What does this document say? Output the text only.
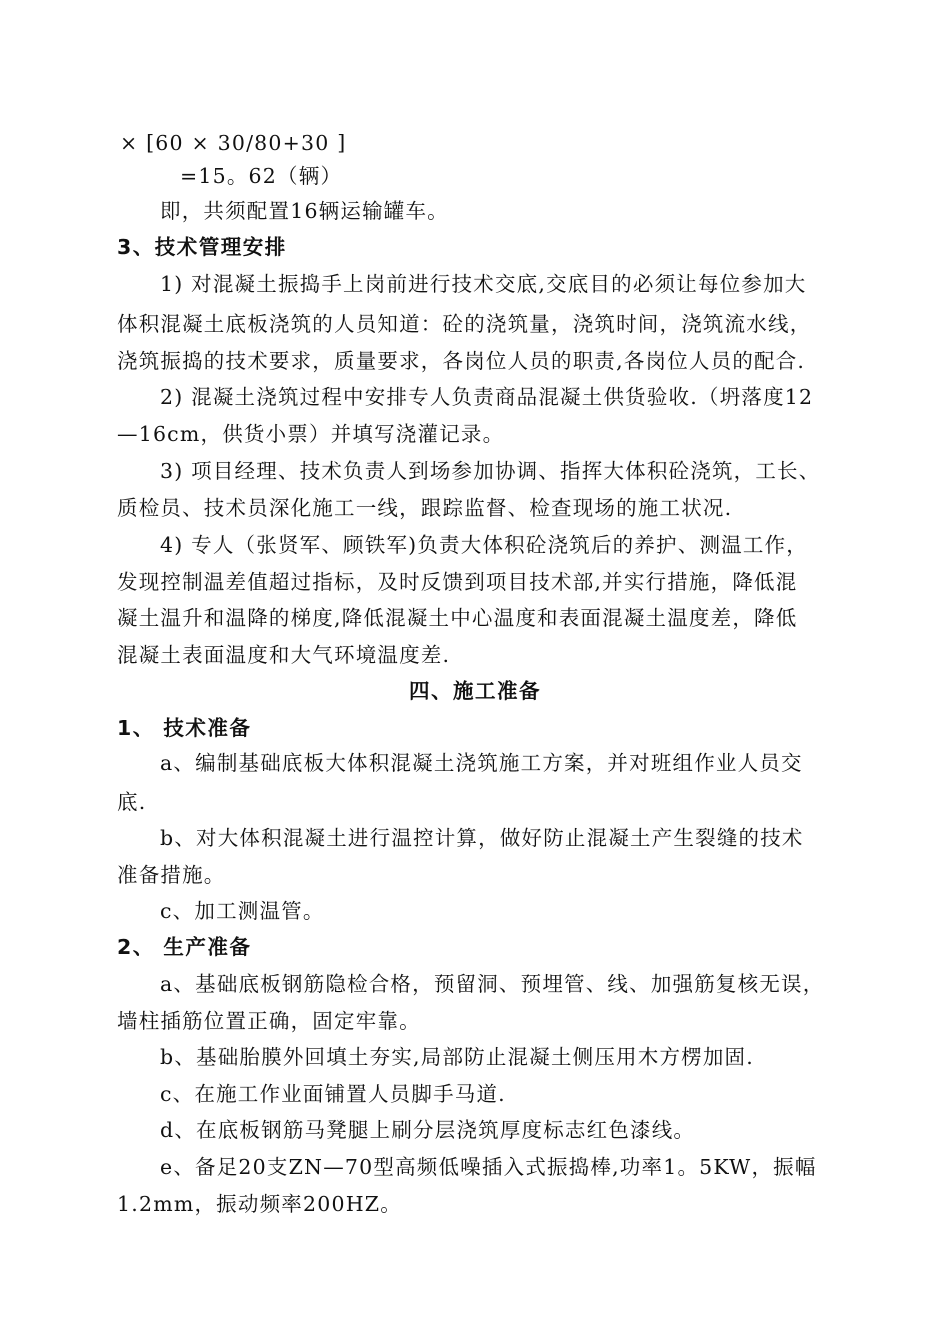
× [60 × 30/80+30 ]
=15。62（辆）
即，共须配置16辆运输罐车。
3、技术管理安排
1) 对混凝土振捣手上岗前进行技术交底,交底目的必须让每位参加大
体积混凝土底板浇筑的人员知道：砼的浇筑量，浇筑时间，浇筑流水线，
浇筑振捣的技术要求，质量要求，各岗位人员的职责,各岗位人员的配合.
2) 混凝土浇筑过程中安排专人负责商品混凝土供货验收.（坍落度12
—16cm，供货小票）并填写浇灌记录。
3) 项目经理、技术负责人到场参加协调、指挥大体积砼浇筑，工长、
质检员、技术员深化施工一线，跟踪监督、检查现场的施工状况.
4) 专人（张贤军、顾铁军)负责大体积砼浇筑后的养护、测温工作，
发现控制温差值超过指标，及时反馈到项目技术部,并实行措施，降低混
凝土温升和温降的梯度,降低混凝土中心温度和表面混凝土温度差，降低
混凝土表面温度和大气环境温度差.
四、施工准备
1、 技术准备
a、编制基础底板大体积混凝土浇筑施工方案，并对班组作业人员交
底.
b、对大体积混凝土进行温控计算，做好防止混凝土产生裂缝的技术
准备措施。
c、加工测温管。
2、 生产准备
a、基础底板钢筋隐检合格，预留洞、预埋管、线、加强筋复核无误，
墙柱插筋位置正确，固定牢靠。
b、基础胎膜外回填土夯实,局部防止混凝土侧压用木方楞加固.
c、在施工作业面铺置人员脚手马道.
d、在底板钢筋马凳腿上刷分层浇筑厚度标志红色漆线。
e、备足20支ZN—70型高频低噪插入式振捣棒,功率1。5KW，振幅
1.2mm，振动频率200HZ。
